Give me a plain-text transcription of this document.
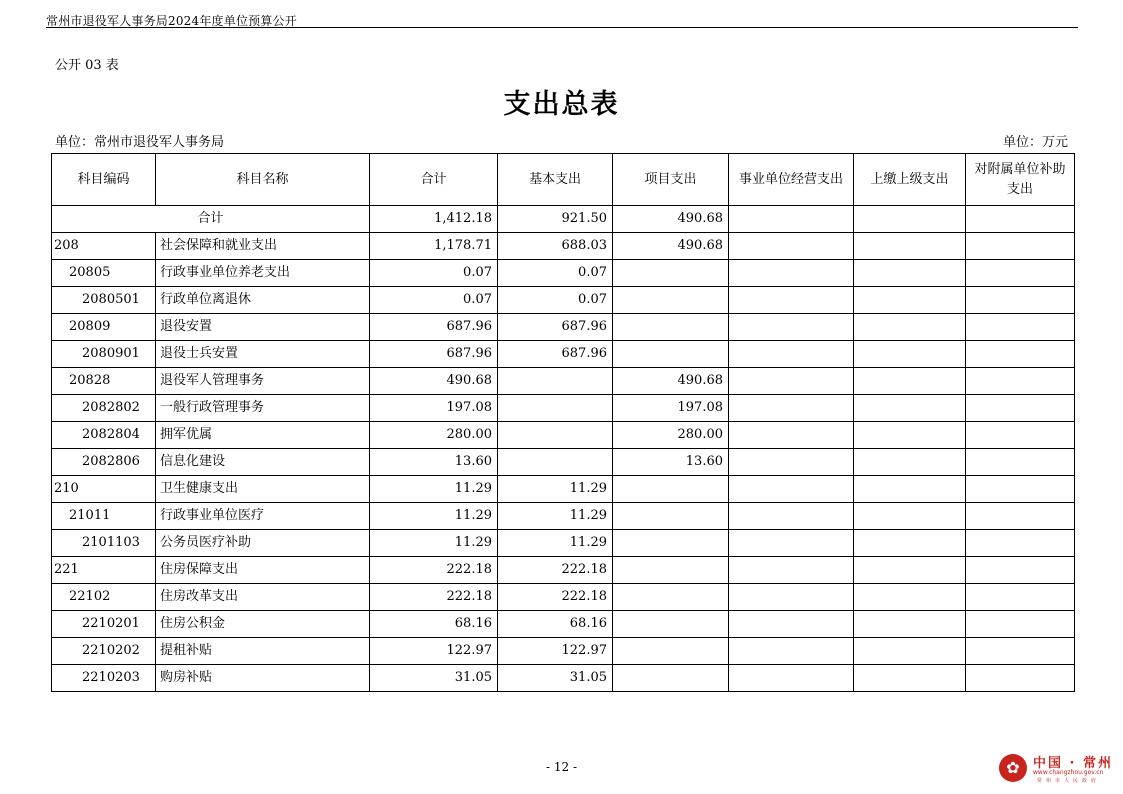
常州市退役军人事务局2024年度单位预算公开
公开 03 表
支出总表
单位：常州市退役军人事务局	单位：万元
科目编码	科目名称	合计	基本支出	项目支出	事业单位经营支出	上缴上级支出	对附属单位补助支出
合计		1,412.18	921.50	490.68			
208	社会保障和就业支出	1,178.71	688.03	490.68			
20805	行政事业单位养老支出	0.07	0.07				
2080501	行政单位离退休	0.07	0.07				
20809	退役安置	687.96	687.96				
2080901	退役士兵安置	687.96	687.96				
20828	退役军人管理事务	490.68		490.68			
2082802	一般行政管理事务	197.08		197.08			
2082804	拥军优属	280.00		280.00			
2082806	信息化建设	13.60		13.60			
210	卫生健康支出	11.29	11.29				
21011	行政事业单位医疗	11.29	11.29				
2101103	公务员医疗补助	11.29	11.29				
221	住房保障支出	222.18	222.18				
22102	住房改革支出	222.18	222.18				
2210201	住房公积金	68.16	68.16				
2210202	提租补贴	122.97	122.97				
2210203	购房补贴	31.05	31.05				
- 12 -	✿	中国 · 常州
www.changzhou.gov.cn
常州市人民政府
